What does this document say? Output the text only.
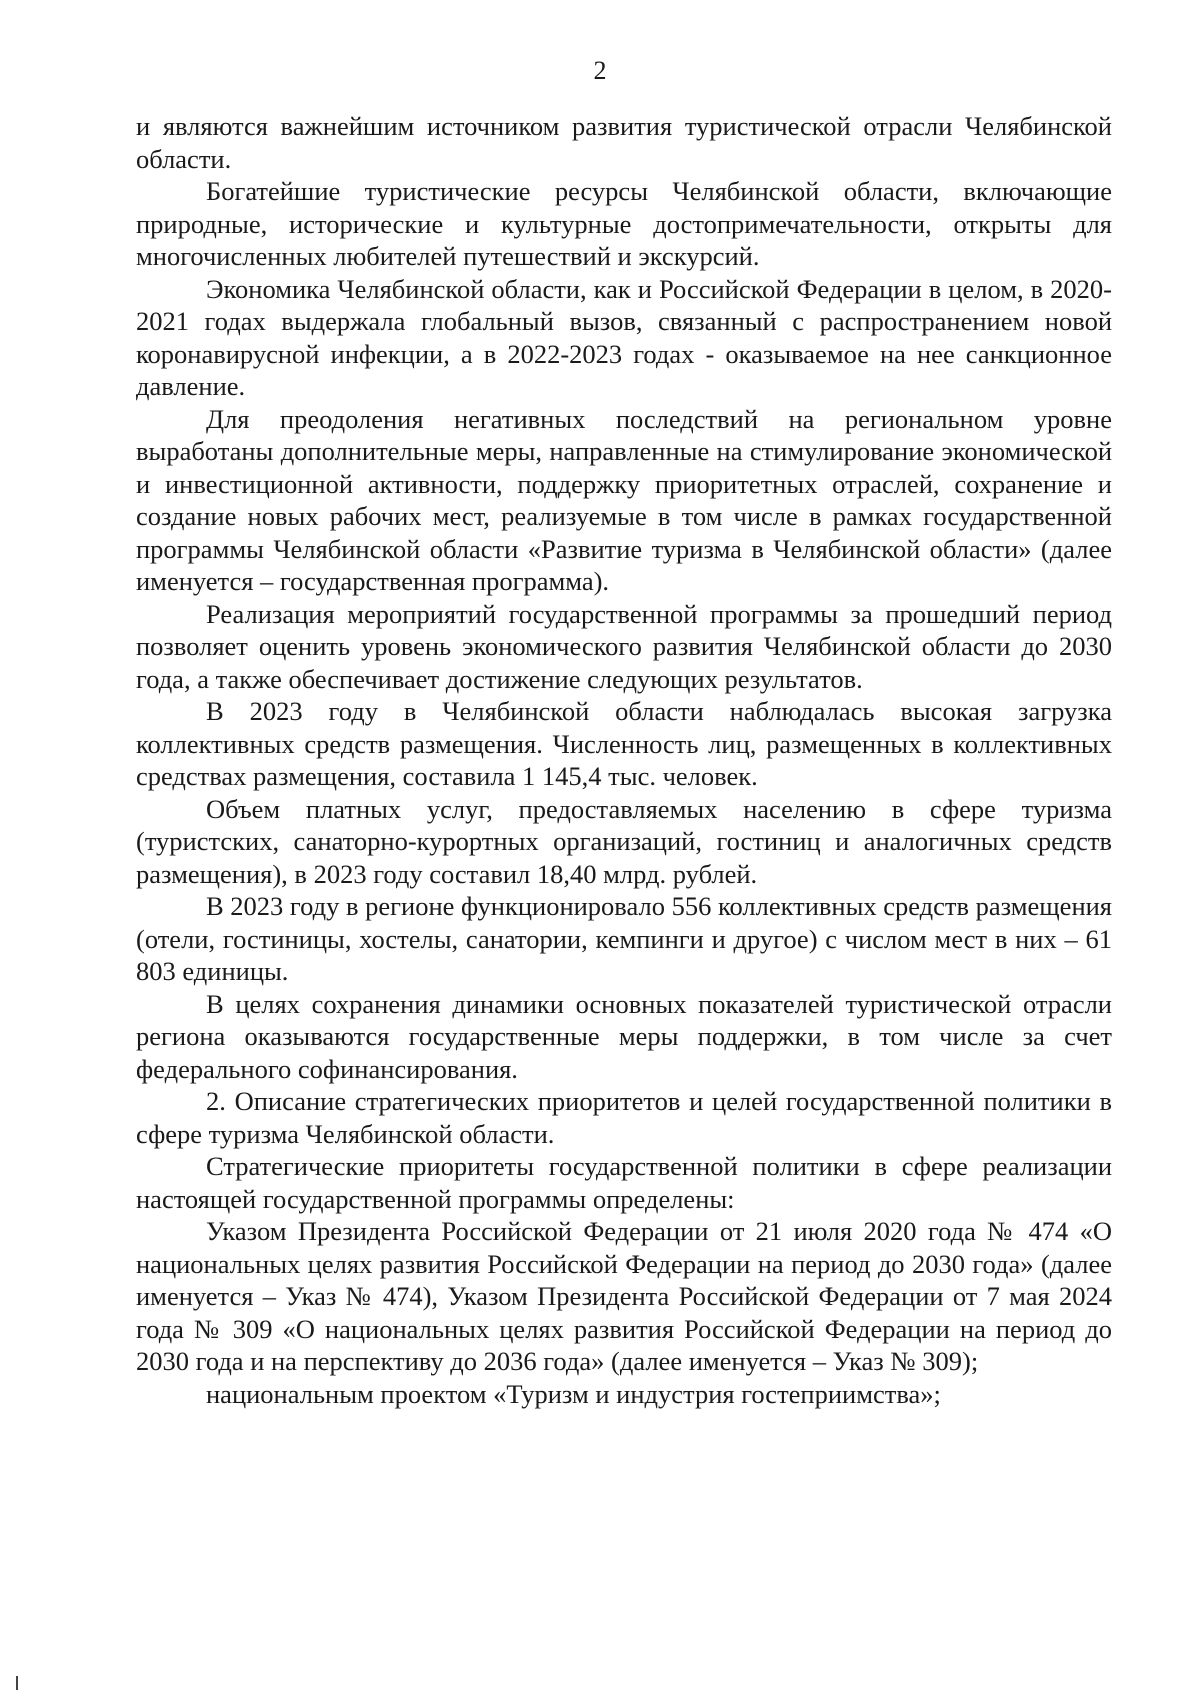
2

и являются важнейшим источником развития туристической отрасли Челябинской области.

Богатейшие туристические ресурсы Челябинской области, включающие природные, исторические и культурные достопримечательности, открыты для многочисленных любителей путешествий и экскурсий.

Экономика Челябинской области, как и Российской Федерации в целом, в 2020-2021 годах выдержала глобальный вызов, связанный с распространением новой коронавирусной инфекции, а в 2022-2023 годах - оказываемое на нее санкционное давление.

Для преодоления негативных последствий на региональном уровне выработаны дополнительные меры, направленные на стимулирование экономической и инвестиционной активности, поддержку приоритетных отраслей, сохранение и создание новых рабочих мест, реализуемые в том числе в рамках государственной программы Челябинской области «Развитие туризма в Челябинской области» (далее именуется – государственная программа).

Реализация мероприятий государственной программы за прошедший период позволяет оценить уровень экономического развития Челябинской области до 2030 года, а также обеспечивает достижение следующих результатов.

В 2023 году в Челябинской области наблюдалась высокая загрузка коллективных средств размещения. Численность лиц, размещенных в коллективных средствах размещения, составила 1 145,4 тыс. человек.

Объем платных услуг, предоставляемых населению в сфере туризма (туристских, санаторно-курортных организаций, гостиниц и аналогичных средств размещения), в 2023 году составил 18,40 млрд. рублей.

В 2023 году в регионе функционировало 556 коллективных средств размещения (отели, гостиницы, хостелы, санатории, кемпинги и другое) с числом мест в них – 61 803 единицы.

В целях сохранения динамики основных показателей туристической отрасли региона оказываются государственные меры поддержки, в том числе за счет федерального софинансирования.

2. Описание стратегических приоритетов и целей государственной политики в сфере туризма Челябинской области.

Стратегические приоритеты государственной политики в сфере реализации настоящей государственной программы определены:

Указом Президента Российской Федерации от 21 июля 2020 года № 474 «О национальных целях развития Российской Федерации на период до 2030 года» (далее именуется – Указ № 474), Указом Президента Российской Федерации от 7 мая 2024 года № 309 «О национальных целях развития Российской Федерации на период до 2030 года и на перспективу до 2036 года» (далее именуется – Указ № 309);

национальным проектом «Туризм и индустрия гостеприимства»;
